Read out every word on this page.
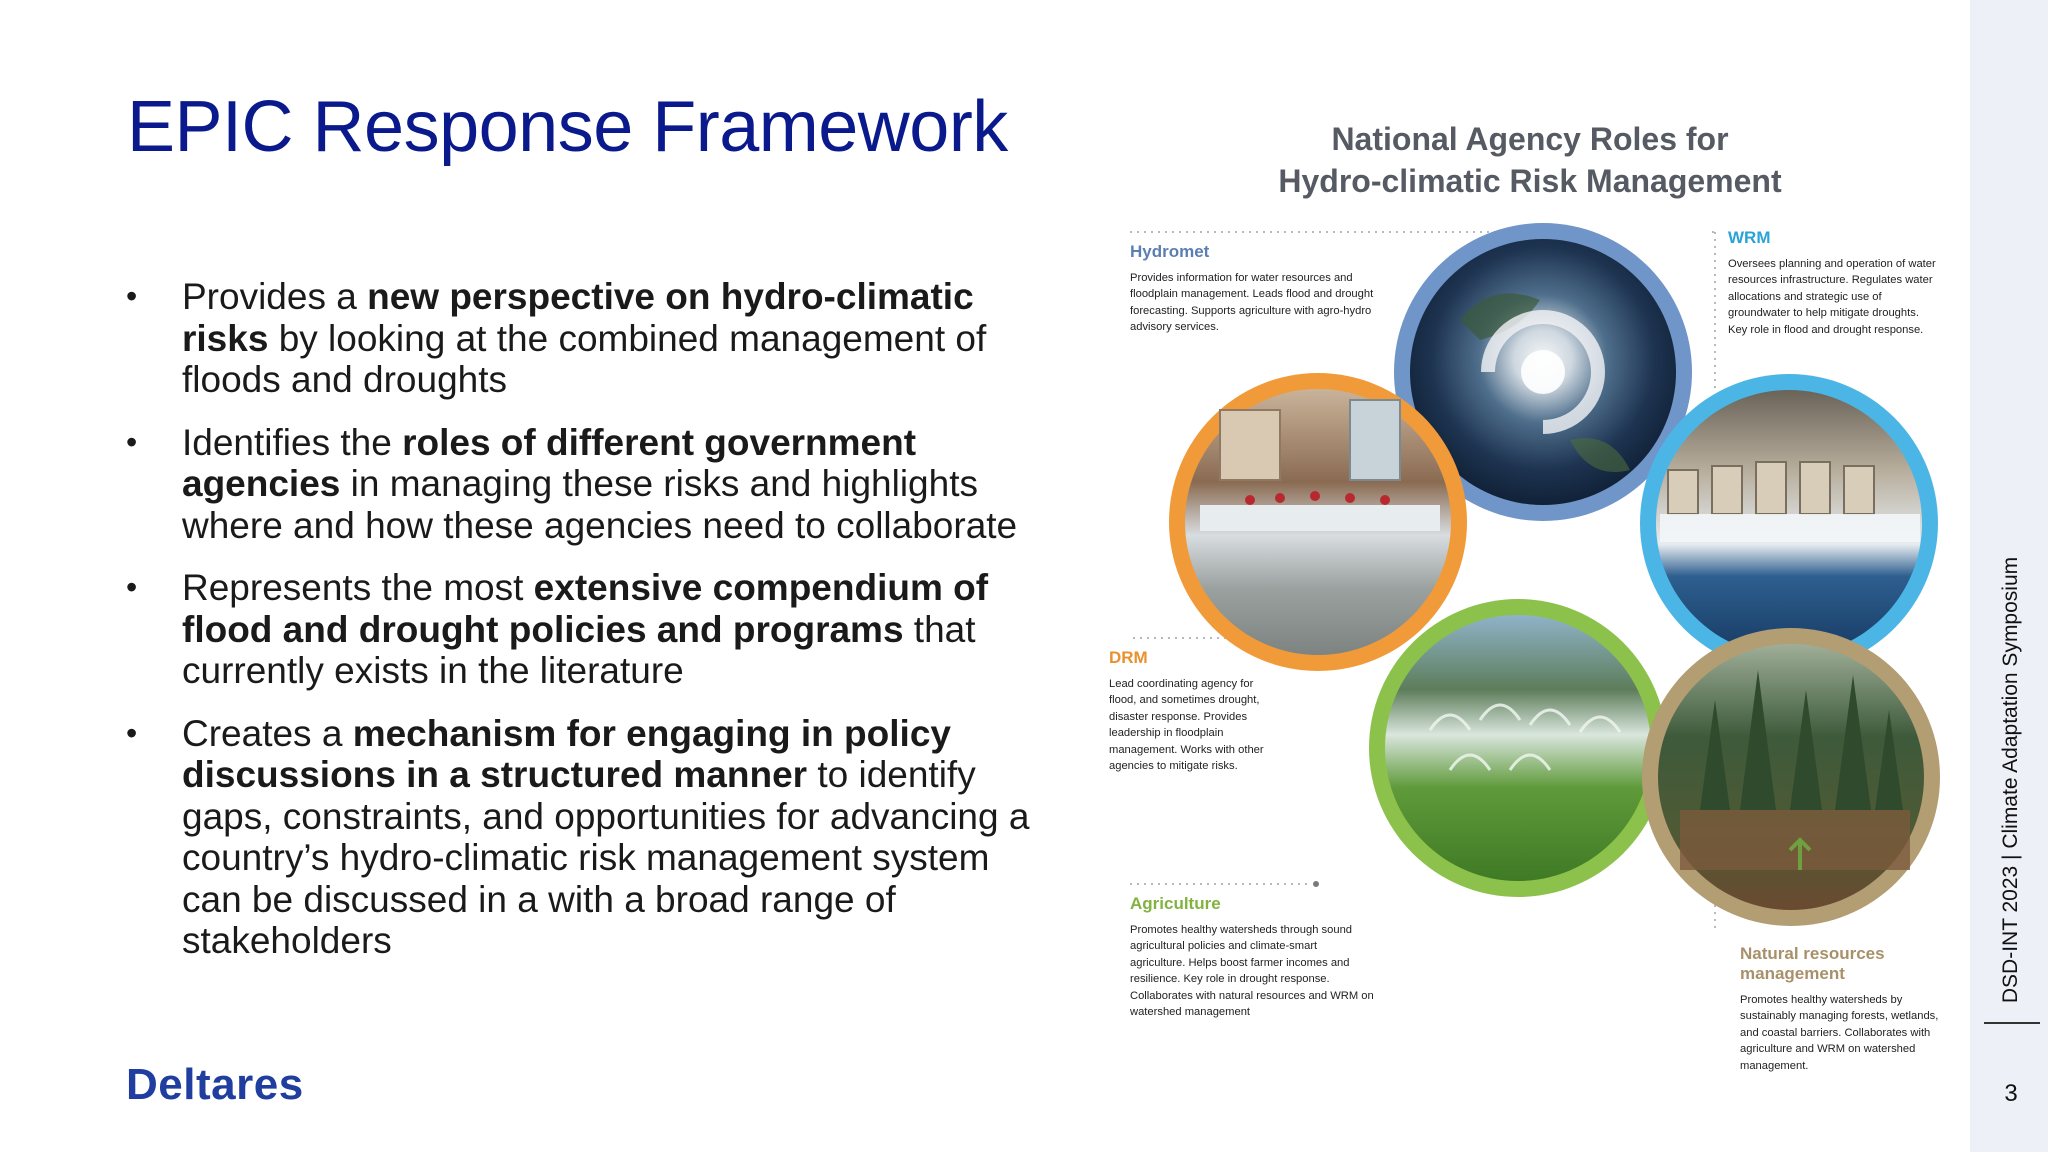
EPIC Response Framework
• Provides a new perspective on hydro-climatic risks by looking at the combined management of floods and droughts
• Identifies the roles of different government agencies in managing these risks and highlights where and how these agencies need to collaborate
• Represents the most extensive compendium of flood and drought policies and programs that currently exists in the literature
• Creates a mechanism for engaging in policy discussions in a structured manner to identify gaps, constraints, and opportunities for advancing a country’s hydro-climatic risk management system can be discussed in a with a broad range of stakeholders
Deltares
DSD-INT 2023 | Climate Adaptation Symposium
3
National Agency Roles for
Hydro-climatic Risk Management
Hydromet
Provides information for water resources and floodplain management. Leads flood and drought forecasting. Supports agriculture with agro-hydro advisory services.
WRM
Oversees planning and operation of water resources infrastructure. Regulates water allocations and strategic use of groundwater to help mitigate droughts. Key role in flood and drought response.
DRM
Lead coordinating agency for flood, and sometimes drought, disaster response. Provides leadership in floodplain management. Works with other agencies to mitigate risks.
Agriculture
Promotes healthy watersheds through sound agricultural policies and climate-smart agriculture. Helps boost farmer incomes and resilience. Key role in drought response. Collaborates with natural resources and WRM on watershed management
Natural resources management
Promotes healthy watersheds by sustainably managing forests, wetlands, and coastal barriers. Collaborates with agriculture and WRM on watershed management.
